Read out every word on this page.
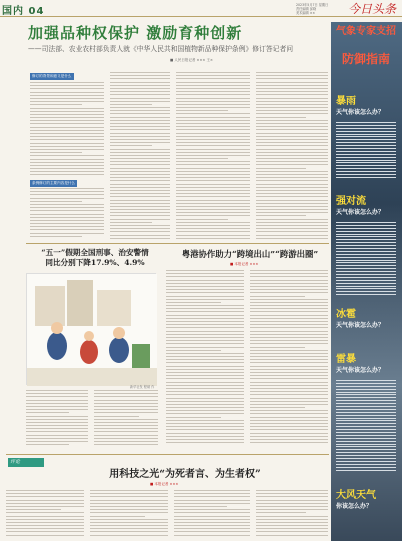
国内 04
2023年5月7日 星期日
责任编辑 邱晓
美术编辑 ××	今日头条
加强品种权保护 激励育种创新
——司法部、农业农村部负责人就《中华人民共和国植物新品种保护条例》修订答记者问
■ 人民日报记者 ××× 王×
修订的背景和意义是什么
条例修订的主要内容是什么
“五一”假期全国刑事、治安警情
同比分别下降17.9%、4.9%
新华社发 程硕 作
粤港协作助力“跨境出山”“跨游出圈”
■ 本报记者 ×××
评论
用科技之光“为死者言、为生者权”
■ 本报记者 ×××
气象专家支招
防御指南
暴雨
天气你该怎么办？
强对流
天气你该怎么办？
冰雹
天气你该怎么办？
雷暴
天气你该怎么办？
大风天气
你该怎么办？
